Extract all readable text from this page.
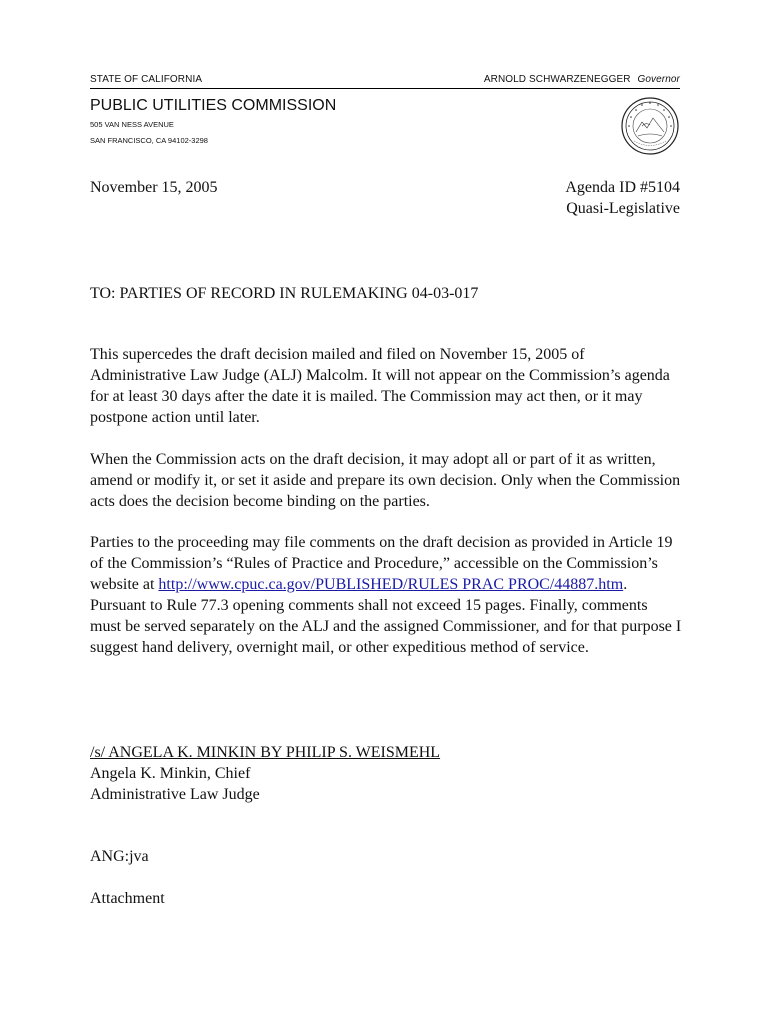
STATE OF CALIFORNIA	ARNOLD SCHWARZENEGGER Governor
PUBLIC UTILITIES COMMISSION
505 VAN NESS AVENUE
SAN FRANCISCO, CA 94102-3298
November 15, 2005	Agenda ID #5104
Quasi-Legislative
TO: PARTIES OF RECORD IN RULEMAKING 04-03-017

This supercedes the draft decision mailed and filed on November 15, 2005 of Administrative Law Judge (ALJ) Malcolm. It will not appear on the Commission’s agenda for at least 30 days after the date it is mailed. The Commission may act then, or it may postpone action until later.

When the Commission acts on the draft decision, it may adopt all or part of it as written, amend or modify it, or set it aside and prepare its own decision. Only when the Commission acts does the decision become binding on the parties.

Parties to the proceeding may file comments on the draft decision as provided in Article 19 of the Commission’s “Rules of Practice and Procedure,” accessible on the Commission’s website at http://www.cpuc.ca.gov/PUBLISHED/RULES PRAC PROC/44887.htm. Pursuant to Rule 77.3 opening comments shall not exceed 15 pages. Finally, comments must be served separately on the ALJ and the assigned Commissioner, and for that purpose I suggest hand delivery, overnight mail, or other expeditious method of service.

/s/ ANGELA K. MINKIN BY PHILIP S. WEISMEHL
Angela K. Minkin, Chief
Administrative Law Judge
ANG:jva
Attachment
